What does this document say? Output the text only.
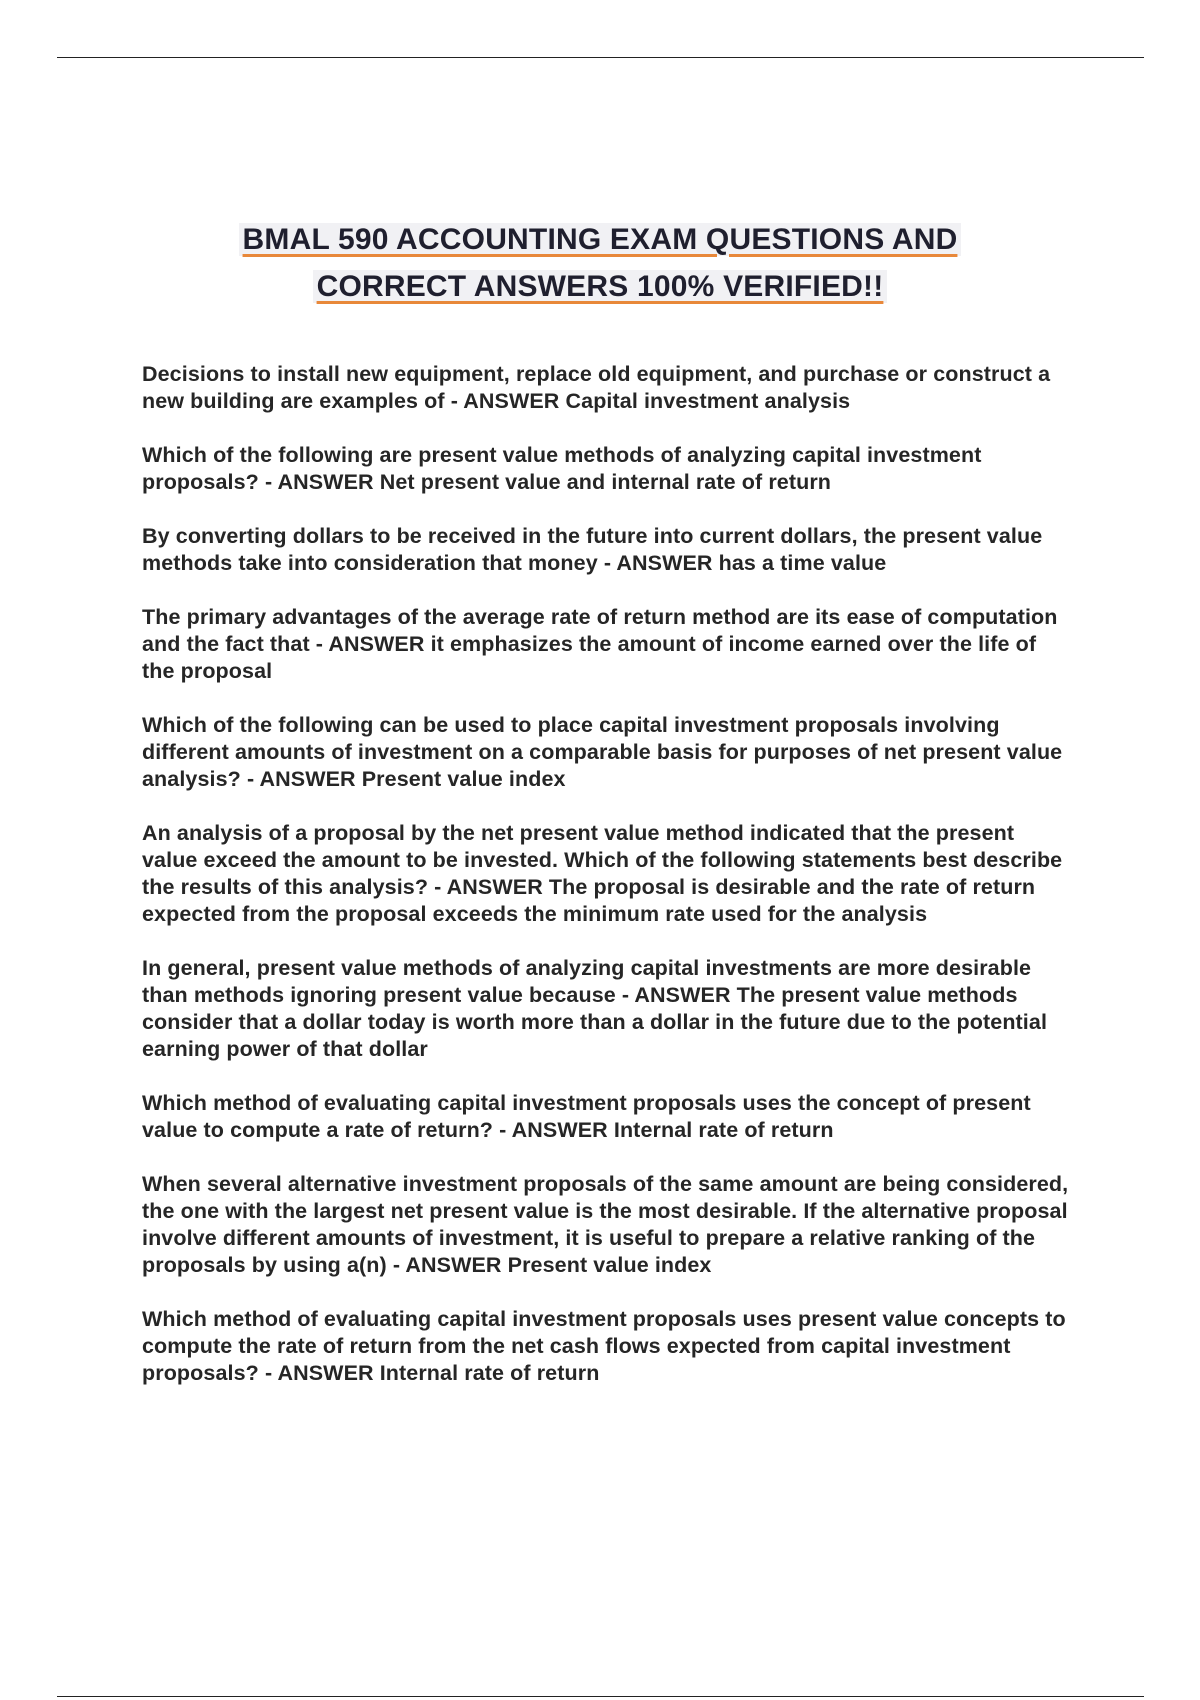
BMAL 590 ACCOUNTING EXAM QUESTIONS AND
CORRECT ANSWERS 100% VERIFIED!!

Decisions to install new equipment, replace old equipment, and purchase or construct a new building are examples of - ANSWER Capital investment analysis

Which of the following are present value methods of analyzing capital investment proposals? - ANSWER Net present value and internal rate of return

By converting dollars to be received in the future into current dollars, the present value methods take into consideration that money - ANSWER has a time value

The primary advantages of the average rate of return method are its ease of computation and the fact that - ANSWER it emphasizes the amount of income earned over the life of the proposal

Which of the following can be used to place capital investment proposals involving different amounts of investment on a comparable basis for purposes of net present value analysis? - ANSWER Present value index

An analysis of a proposal by the net present value method indicated that the present value exceed the amount to be invested. Which of the following statements best describe the results of this analysis? - ANSWER The proposal is desirable and the rate of return expected from the proposal exceeds the minimum rate used for the analysis

In general, present value methods of analyzing capital investments are more desirable than methods ignoring present value because - ANSWER The present value methods consider that a dollar today is worth more than a dollar in the future due to the potential earning power of that dollar

Which method of evaluating capital investment proposals uses the concept of present value to compute a rate of return? - ANSWER Internal rate of return

When several alternative investment proposals of the same amount are being considered, the one with the largest net present value is the most desirable. If the alternative proposal involve different amounts of investment, it is useful to prepare a relative ranking of the proposals by using a(n) - ANSWER Present value index

Which method of evaluating capital investment proposals uses present value concepts to compute the rate of return from the net cash flows expected from capital investment proposals? - ANSWER Internal rate of return
